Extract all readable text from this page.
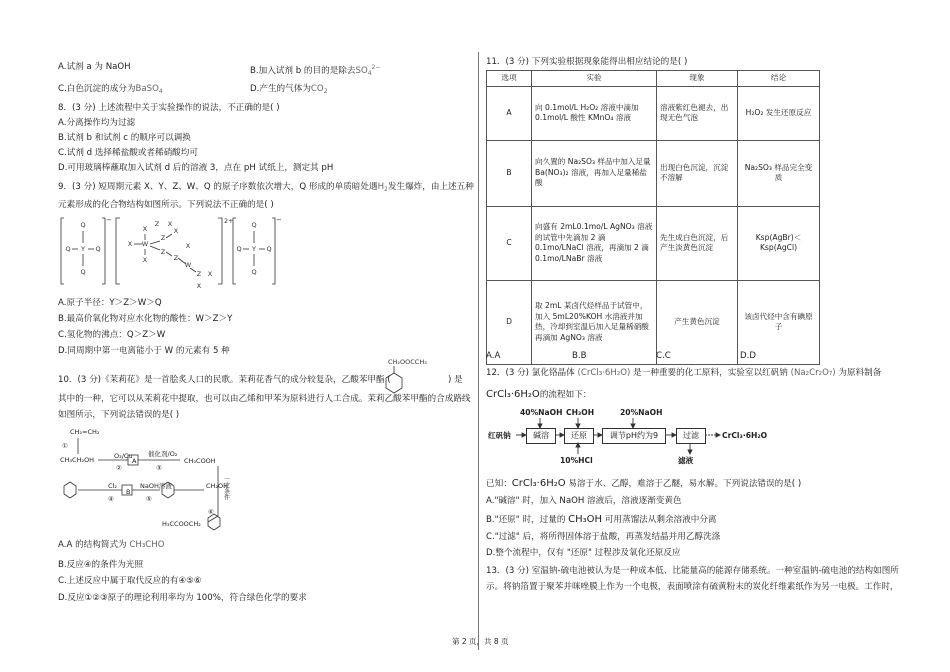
A.试剂 a 为 NaOH	B.加入试剂 b 的目的是除去$SO_4^{2-}$
C.白色沉淀的成分为BaSO$_4$	D.产生的气体为$CO_2$
8．(3 分) 上述流程中关于实验操作的说法，不正确的是( )
A.分离操作均为过滤
B.试剂 b 和试剂 c 的顺序可以调换
C.试剂 d 选择稀盐酸或者稀硝酸均可
D.可用玻璃棒蘸取加入试剂 d 后的溶液 3，点在 pH 试纸上，测定其 pH
9．(3 分) 短周期元素 X、Y、Z、W、Q 的原子序数依次增大，Q 形成的单质暗处遇$H_2$发生爆炸，由上述五种
元素形成的化合物结构如图所示。下列说法不正确的是( )
Q
Y
Q
Q	Q
Q
Y
Q
Q	Q
X W
X
X
Z
Z
X
Z
X
W
Z X
X
Z X
−	2+	−
A.原子半径：Y＞Z＞W＞Q
B.最高价氧化物对应水化物的酸性：W＞Z＞Y
C.氢化物的沸点：Q＞Z＞W
D.同周期中第一电离能小于 W 的元素有 5 种
10．(3 分)《茉莉花》是一首脍炙人口的民歌。茉莉花香气的成分较复杂，乙酸苯甲酯 (
CH₂OOCCH₃
) 是
其中的一种，它可以从茉莉花中提取，也可以由乙烯和甲苯为原料进行人工合成。茉莉乙酸苯甲酯的合成路线
如图所示，下列说法错误的是( )
CH₂=CH₂
①
CH₃CH₂OH	O₂/Cu
②
A
催化剂/O₂
③
CH₃COOH
Cl₂
④
B
NaOH溶液
⑤
CH₂OH
⑥
H₃CCOOCH₂
一定条件
A.A 的结构简式为 CH₃CHO
B.反应④的条件为光照
C.上述反应中属于取代反应的有④⑤⑥
D.反应①②③原子的理论利用率均为 100%，符合绿色化学的要求
11．(3 分) 下列实验根据现象能得出相应结论的是( )
选项	实验	现象	结论
A	向 0.1mol/L H₂O₂ 溶液中滴加 0.1mol/L 酸性 KMnO₄ 溶液	溶液紫红色褪去，出现无色气泡	H₂O₂ 发生还原反应
B	向久置的 Na₂SO₃ 样品中加入足量 Ba(NO₃)₂ 溶液，再加入足量稀盐酸	出现白色沉淀，沉淀不溶解	Na₂SO₃ 样品完全变质
C	向盛有 2mL0.1mo/L AgNO₃ 溶液的试管中先滴加 2 滴 0.1mo/LNaCl 溶液，再滴加 2 滴 0.1mo/LNaBr 溶液	先生成白色沉淀，后产生淡黄色沉淀	Ksp(AgBr)＜Ksp(AgCl)
D	取 2mL 某卤代烃样品于试管中，加入 5mL20%KOH 水溶液并加热，冷却到室温后加入足量稀硝酸再滴加 AgNO₃ 溶液	产生黄色沉淀	该卤代烃中含有碘原子
A.A	B.B	C.C	D.D
12．(3 分) 氯化铬晶体 (CrCl₃·6H₂O) 是一种重要的化工原料，实验室以红矾钠 (Na₂Cr₂O₇) 为原料制备
CrCl₃·6H₂O的流程如下：
40%NaOH CH₃OH	20%NaOH
红矾钠	碱溶	还原	调节pH约为9	过滤	CrCl₃·6H₂O
10%HCl	滤液
已知：CrCl₃·6H₂O 易溶于水、乙醇，难溶于乙醚，易水解。下列说法错误的是( )
A."碱溶" 时，加入 NaOH 溶液后，溶液逐渐变黄色
B."还原" 时，过量的 CH₃OH 可用蒸馏法从剩余溶液中分离
C."过滤" 后，将所得固体溶于盐酸，再蒸发结晶并用乙醇洗涤
D.整个流程中，仅有 "还原" 过程涉及氧化还原反应
13．(3 分) 室温钠-硫电池被认为是一种成本低、比能量高的能源存储系统。一种室温钠-硫电池的结构如图所
示。将钠箔置于聚苯并咪唑膜上作为一个电极，表面喷涂有硫黄粉末的炭化纤维素纸作为另一电极。工作时，
第 2 页，共 8 页
